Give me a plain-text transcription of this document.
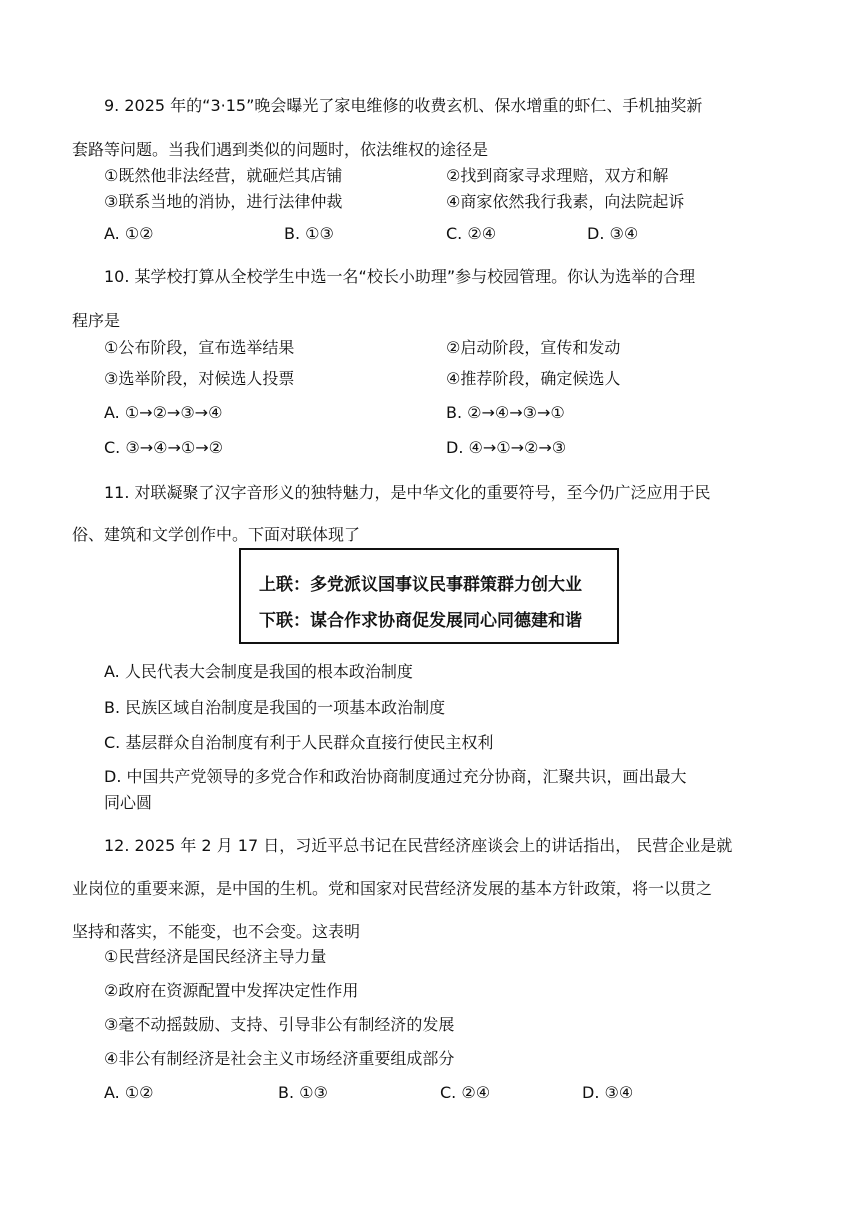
9. 2025 年的“3·15”晚会曝光了家电维修的收费玄机、保水增重的虾仁、手机抽奖新
套路等问题。当我们遇到类似的问题时，依法维权的途径是
①既然他非法经营，就砸烂其店铺	②找到商家寻求理赔，双方和解
③联系当地的消协，进行法律仲裁	④商家依然我行我素，向法院起诉
A. ①②	B. ①③	C. ②④	D. ③④
10. 某学校打算从全校学生中选一名“校长小助理”参与校园管理。你认为选举的合理
程序是
①公布阶段，宣布选举结果	②启动阶段，宣传和发动
③选举阶段，对候选人投票	④推荐阶段，确定候选人
A. ①→②→③→④	B. ②→④→③→①
C. ③→④→①→②	D. ④→①→②→③
11. 对联凝聚了汉字音形义的独特魅力，是中华文化的重要符号，至今仍广泛应用于民
俗、建筑和文学创作中。下面对联体现了
上联：多党派议国事议民事群策群力创大业
下联：谋合作求协商促发展同心同德建和谐
A. 人民代表大会制度是我国的根本政治制度
B. 民族区域自治制度是我国的一项基本政治制度
C. 基层群众自治制度有利于人民群众直接行使民主权利
D. 中国共产党领导的多党合作和政治协商制度通过充分协商，汇聚共识，画出最大
同心圆
12. 2025 年 2 月 17 日，习近平总书记在民营经济座谈会上的讲话指出， 民营企业是就
业岗位的重要来源，是中国的生机。党和国家对民营经济发展的基本方针政策，将一以贯之
坚持和落实，不能变，也不会变。这表明
①民营经济是国民经济主导力量
②政府在资源配置中发挥决定性作用
③毫不动摇鼓励、支持、引导非公有制经济的发展
④非公有制经济是社会主义市场经济重要组成部分
A. ①②	B. ①③	C. ②④	D. ③④
